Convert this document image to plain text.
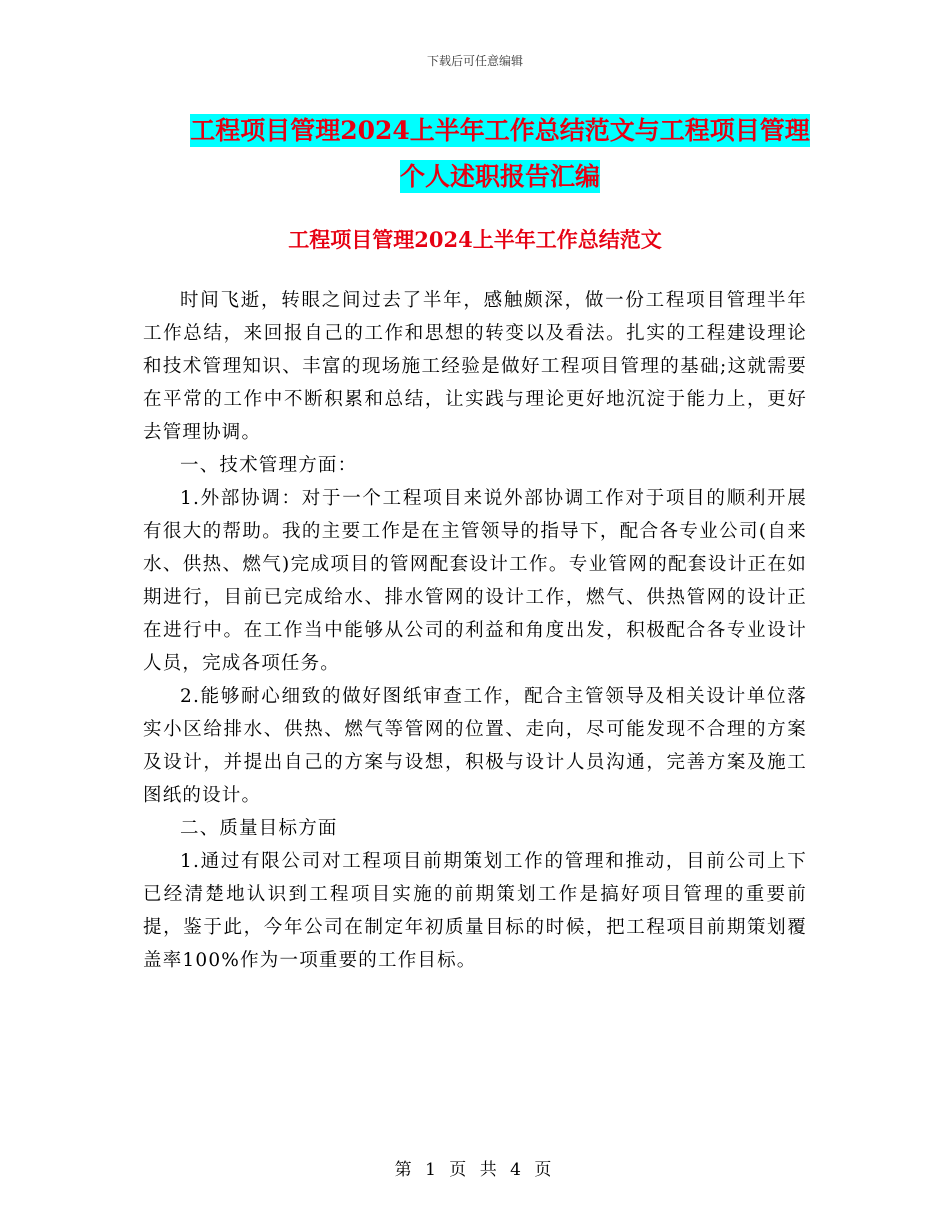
下载后可任意编辑
工程项目管理2024上半年工作总结范文与工程项目管理个人述职报告汇编
工程项目管理2024上半年工作总结范文

时间飞逝，转眼之间过去了半年，感触颇深，做一份工程项目管理半年工作总结，来回报自己的工作和思想的转变以及看法。扎实的工程建设理论和技术管理知识、丰富的现场施工经验是做好工程项目管理的基础;这就需要在平常的工作中不断积累和总结，让实践与理论更好地沉淀于能力上，更好去管理协调。

一、技术管理方面：

1.外部协调：对于一个工程项目来说外部协调工作对于项目的顺利开展有很大的帮助。我的主要工作是在主管领导的指导下，配合各专业公司(自来水、供热、燃气)完成项目的管网配套设计工作。专业管网的配套设计正在如期进行，目前已完成给水、排水管网的设计工作，燃气、供热管网的设计正在进行中。在工作当中能够从公司的利益和角度出发，积极配合各专业设计人员，完成各项任务。

2.能够耐心细致的做好图纸审查工作，配合主管领导及相关设计单位落实小区给排水、供热、燃气等管网的位置、走向，尽可能发现不合理的方案及设计，并提出自己的方案与设想，积极与设计人员沟通，完善方案及施工图纸的设计。

二、质量目标方面

1.通过有限公司对工程项目前期策划工作的管理和推动，目前公司上下已经清楚地认识到工程项目实施的前期策划工作是搞好项目管理的重要前提，鉴于此，今年公司在制定年初质量目标的时候，把工程项目前期策划覆盖率100%作为一项重要的工作目标。

第 1 页 共 4 页
